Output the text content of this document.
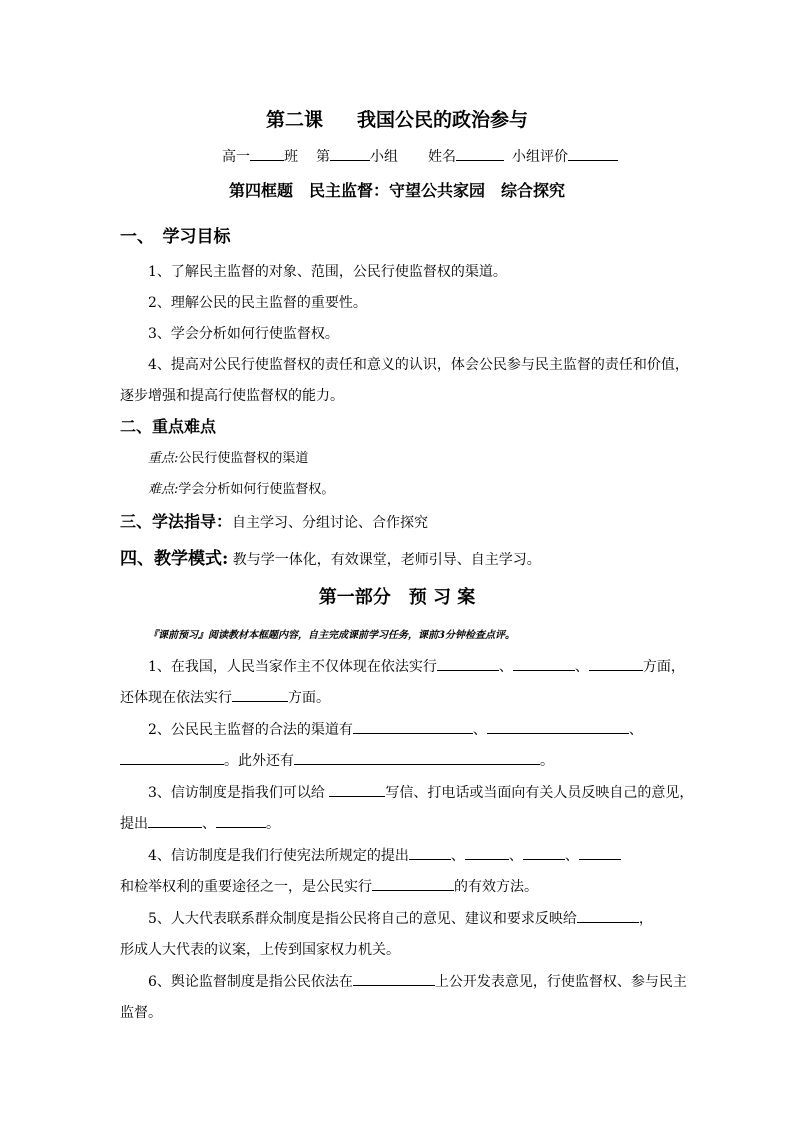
第二课 我国公民的政治参与
高一 班 第	小组 姓名	小组评价
第四框题　民主监督：守望公共家园　综合探究
一、　学习目标
1、了解民主监督的对象、范围，公民行使监督权的渠道。
2、理解公民的民主监督的重要性。
3、学会分析如何行使监督权。
4、提高对公民行使监督权的责任和意义的认识，体会公民参与民主监督的责任和价值，
逐步增强和提高行使监督权的能力。
二、重点难点
重点:公民行使监督权的渠道
难点:学会分析如何行使监督权。
三、学法指导：自主学习、分组讨论、合作探究
四、教学模式: 教与学一体化，有效课堂，老师引导、自主学习。
第一部分　预 习 案
『课前预习』阅读教材本框题内容，自主完成课前学习任务，课前3分钟检查点评。
1、在我国，人民当家作主不仅体现在依法实行	、	、	方面，
还体现在依法实行	方面。
2、公民民主监督的合法的渠道有	、	、
。此外还有	。
3、信访制度是指我们可以给	写信、打电话或当面向有关人员反映自己的意见，
提出	、	。
4、信访制度是我们行使宪法所规定的提出	、	、	、
和检举权利的重要途径之一，是公民实行	的有效方法。
5、人大代表联系群众制度是指公民将自己的意见、建议和要求反映给	，
形成人大代表的议案，上传到国家权力机关。
6、舆论监督制度是指公民依法在	上公开发表意见，行使监督权、参与民主
监督。
